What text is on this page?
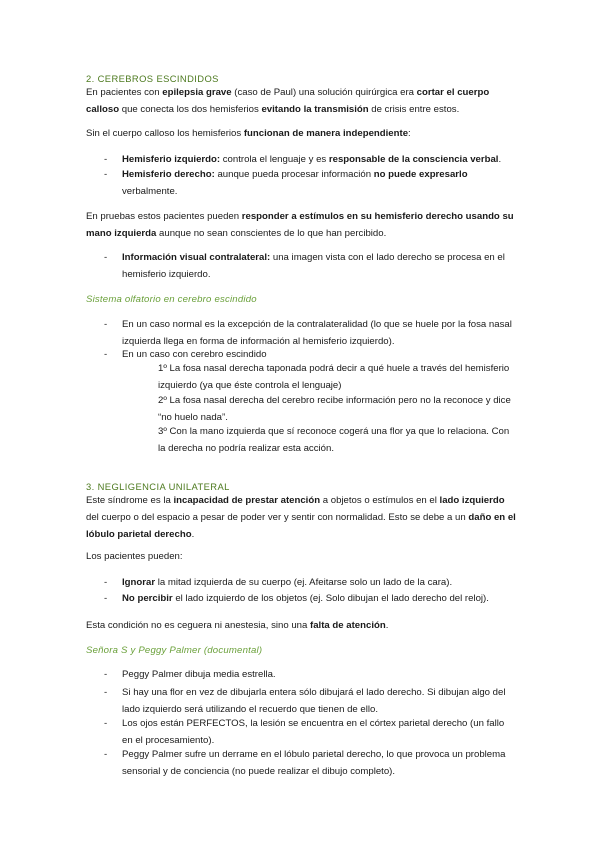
2. CEREBROS ESCINDIDOS
En pacientes con epilepsia grave (caso de Paul) una solución quirúrgica era cortar el cuerpo calloso que conecta los dos hemisferios evitando la transmisión de crisis entre estos.
Sin el cuerpo calloso los hemisferios funcionan de manera independiente:
- Hemisferio izquierdo: controla el lenguaje y es responsable de la consciencia verbal.
- Hemisferio derecho: aunque pueda procesar información no puede expresarlo verbalmente.
En pruebas estos pacientes pueden responder a estímulos en su hemisferio derecho usando su mano izquierda aunque no sean conscientes de lo que han percibido.
- Información visual contralateral: una imagen vista con el lado derecho se procesa en el hemisferio izquierdo.
Sistema olfatorio en cerebro escindido
- En un caso normal es la excepción de la contralateralidad (lo que se huele por la fosa nasal izquierda llega en forma de información al hemisferio izquierdo).
- En un caso con cerebro escindido
1º La fosa nasal derecha taponada podrá decir a qué huele a través del hemisferio izquierdo (ya que éste controla el lenguaje)
2º La fosa nasal derecha del cerebro recibe información pero no la reconoce y dice “no huelo nada”.
3º Con la mano izquierda que sí reconoce cogerá una flor ya que lo relaciona. Con la derecha no podría realizar esta acción.
3. NEGLIGENCIA UNILATERAL
Este síndrome es la incapacidad de prestar atención a objetos o estímulos en el lado izquierdo del cuerpo o del espacio a pesar de poder ver y sentir con normalidad. Esto se debe a un daño en el lóbulo parietal derecho.
Los pacientes pueden:
- Ignorar la mitad izquierda de su cuerpo (ej. Afeitarse solo un lado de la cara).
- No percibir el lado izquierdo de los objetos (ej. Solo dibujan el lado derecho del reloj).
Esta condición no es ceguera ni anestesia, sino una falta de atención.
Señora S y Peggy Palmer (documental)
- Peggy Palmer dibuja media estrella.
- Si hay una flor en vez de dibujarla entera sólo dibujará el lado derecho. Si dibujan algo del lado izquierdo será utilizando el recuerdo que tienen de ello.
- Los ojos están PERFECTOS, la lesión se encuentra en el córtex parietal derecho (un fallo en el procesamiento).
- Peggy Palmer sufre un derrame en el lóbulo parietal derecho, lo que provoca un problema sensorial y de conciencia (no puede realizar el dibujo completo).
